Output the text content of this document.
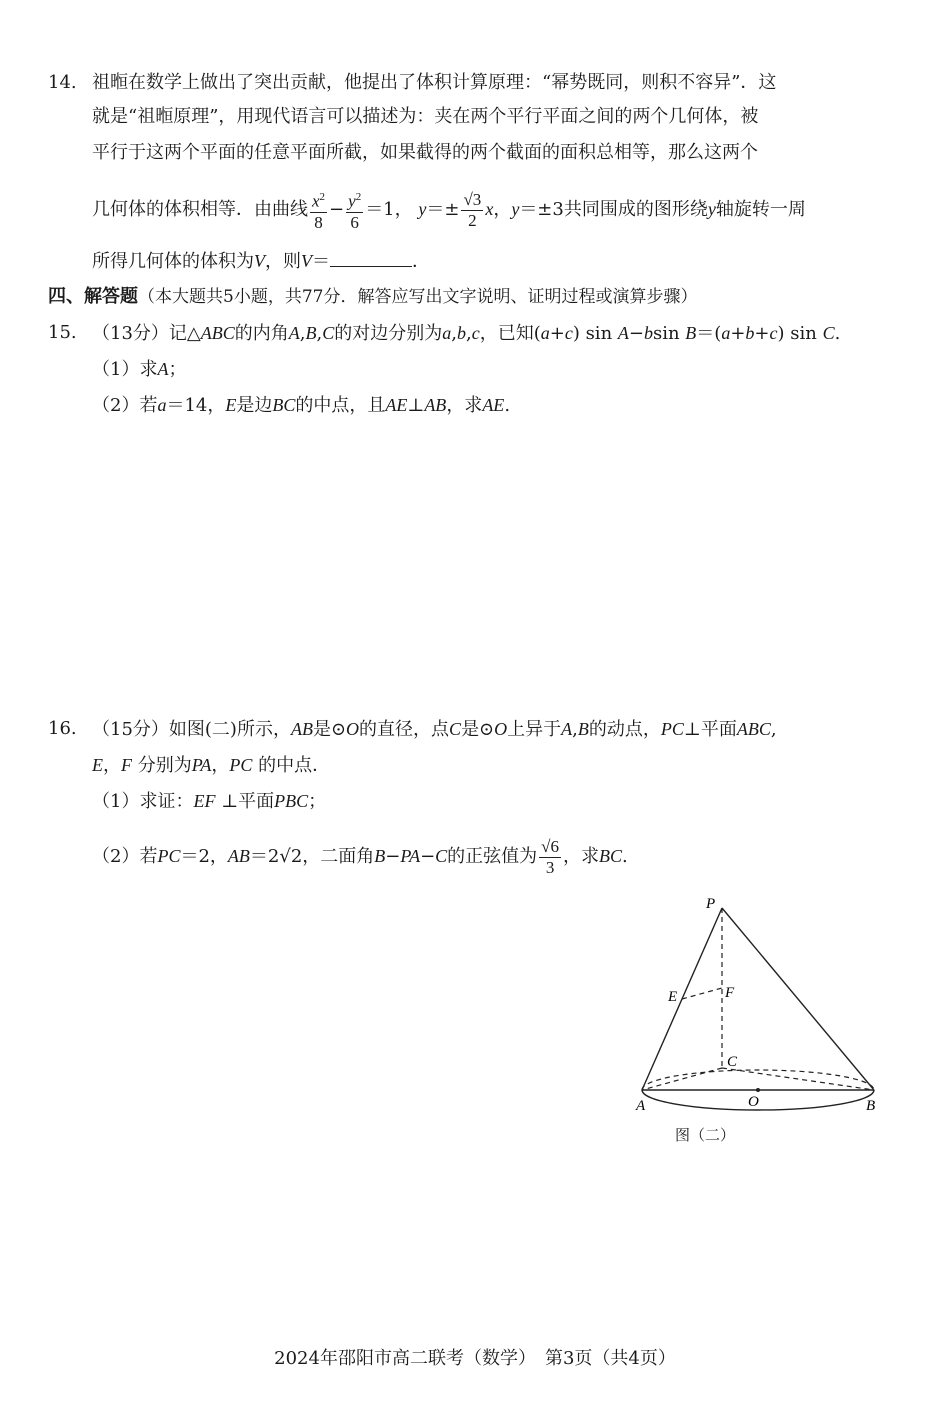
14. 祖暅在数学上做出了突出贡献，他提出了体积计算原理：“幂势既同，则积不容异”．这
就是“祖暅原理”，用现代语言可以描述为：夹在两个平行平面之间的两个几何体，被
平行于这两个平面的任意平面所截，如果截得的两个截面的面积总相等，那么这两个
几何体的体积相等．由曲线 $\frac{x^2}{8} - \frac{y^2}{6} =1$， $y=\pm \frac{√3}{2}$ x，y＝±3共同围成的图形绕y轴旋转一周
所得几何体的体积为V，则V＝	．
四、解答题（本大题共5小题，共77分．解答应写出文字说明、证明过程或演算步骤）
15. （13分）记△ABC的内角A,B,C的对边分别为a,b,c，已知(a+c) sin A−bsin B＝(a+b+c) sin C.
（1）求A；
（2）若a＝14，E是边BC的中点，且AE⊥AB，求AE.
16. （15分）如图(二)所示，AB是⊙O的直径，点C是⊙O上异于A,B的动点，PC⊥平面ABC,
E，F 分别为PA，PC 的中点．
（1）求证：EF ⊥平面PBC；
（2）若PC＝2，AB＝2√2，二面角B−PA−C的正弦值为 $\frac{√6}{3}$ ，求BC.
P
E	F
C
A	O	B
图（二）
2024年邵阳市高二联考（数学）　第3页（共4页）
